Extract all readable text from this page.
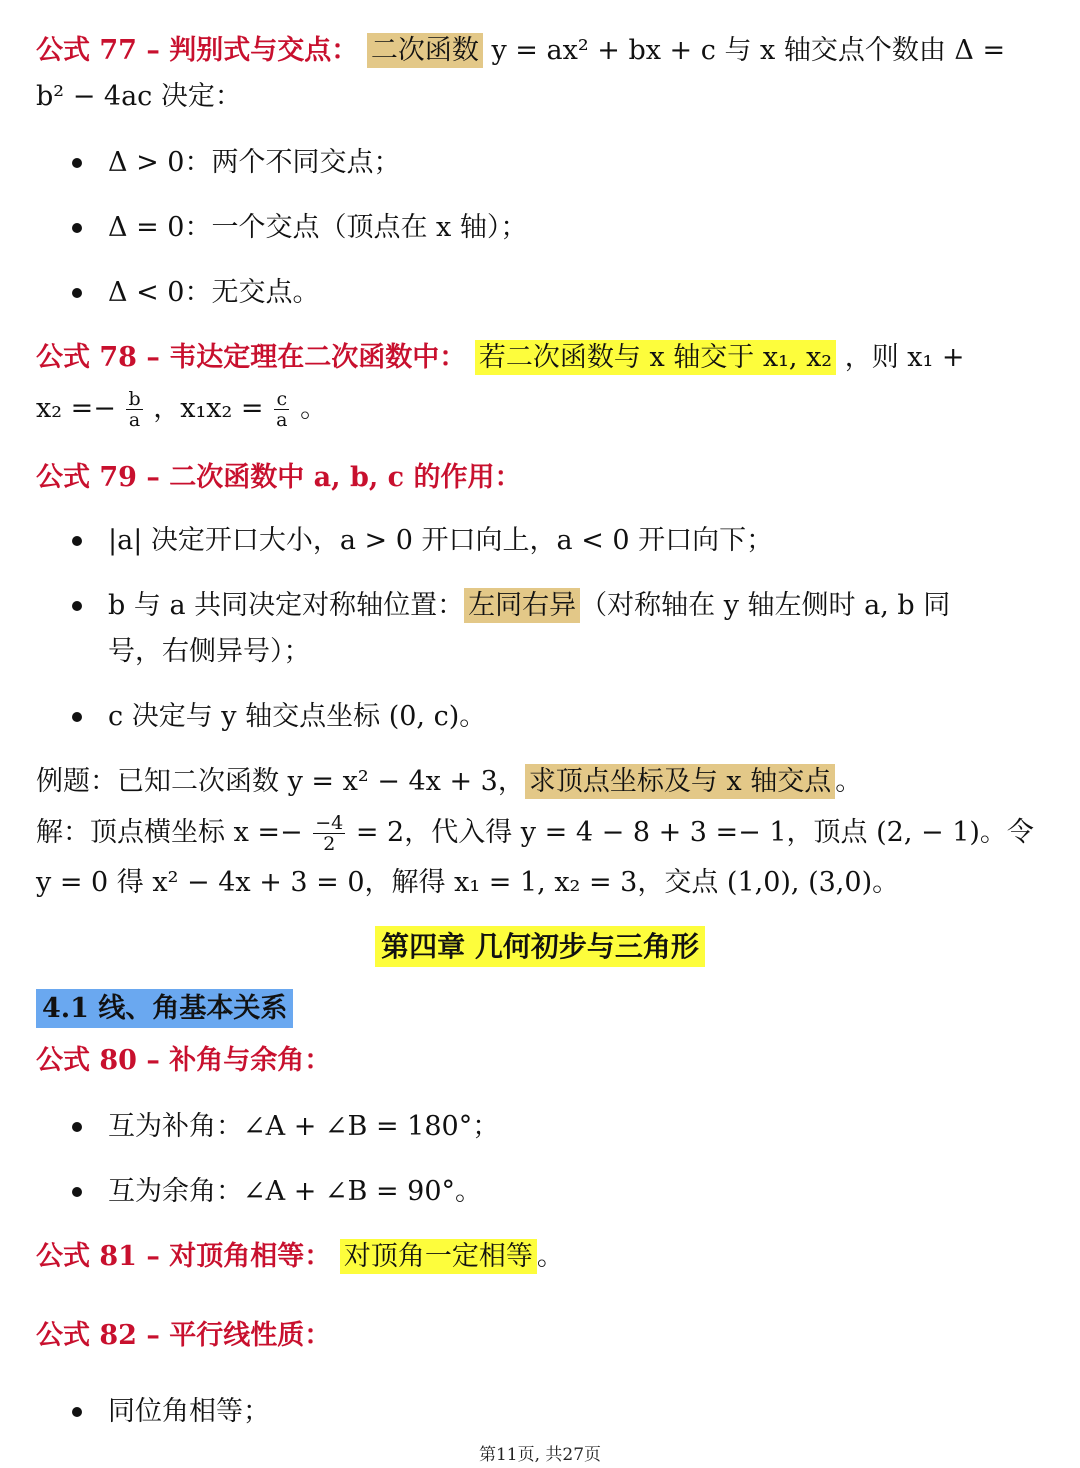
公式 77 – 判别式与交点： 二次函数 y = ax² + bx + c 与 x 轴交点个数由 Δ =
b² − 4ac 决定：
Δ > 0：两个不同交点；
Δ = 0：一个交点（顶点在 x 轴）；
Δ < 0：无交点。
公式 78 – 韦达定理在二次函数中： 若二次函数与 x 轴交于 x₁, x₂ ，则 x₁ +
$x_2 =- \frac{b}{a}$ ，$x_1x_2 = \frac{c}{a}$ 。
公式 79 – 二次函数中 a, b, c 的作用：
|a| 决定开口大小，a > 0 开口向上，a < 0 开口向下；
b 与 a 共同决定对称轴位置： 左同右异 （对称轴在 y 轴左侧时 a, b 同
号，右侧异号）；
c 决定与 y 轴交点坐标 (0, c)。
例题：已知二次函数 y = x² − 4x + 3， 求顶点坐标及与 x 轴交点 。
解：顶点横坐标 $x =- \frac{-4}{2} = 2$，代入得 y = 4 − 8 + 3 =− 1，顶点 (2, − 1)。令
y = 0 得 x² − 4x + 3 = 0，解得 x₁ = 1, x₂ = 3，交点 (1,0), (3,0)。
第四章 几何初步与三角形
4.1 线、角基本关系
公式 80 – 补角与余角：
互为补角：∠A + ∠B = 180°；
互为余角：∠A + ∠B = 90°。
公式 81 – 对顶角相等： 对顶角一定相等 。
公式 82 – 平行线性质：
同位角相等；
第11页, 共27页
